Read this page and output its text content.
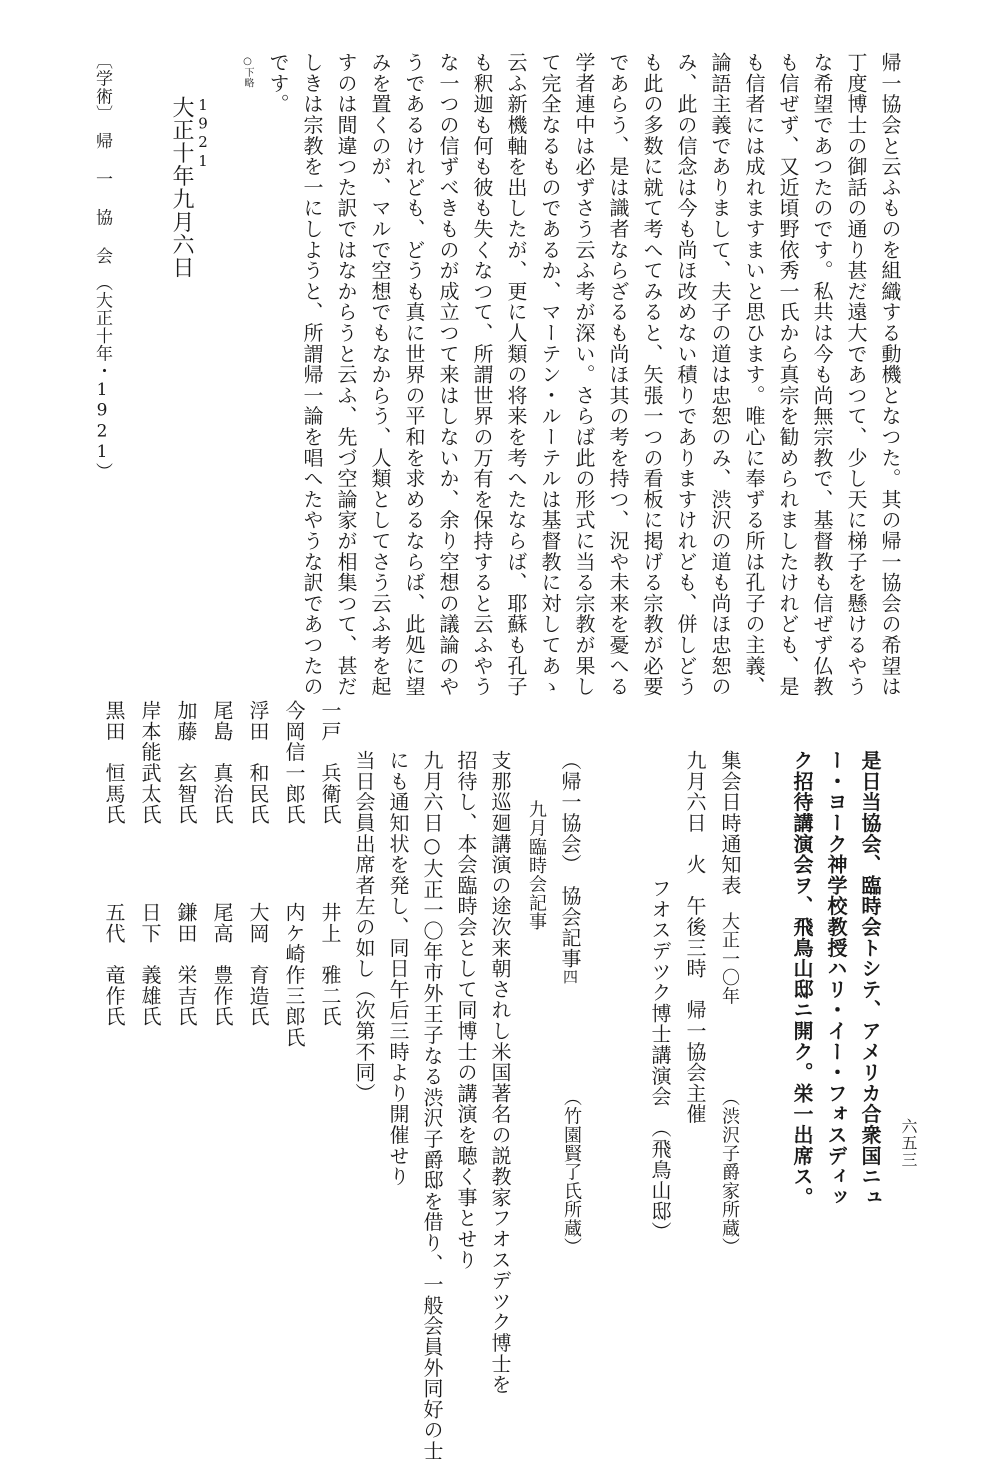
帰一協会と云ふものを組織する動機となつた。其の帰一協会の希望は
丁度博士の御話の通り甚だ遠大であつて、少し天に梯子を懸けるやう
な希望であつたのです。私共は今も尚無宗教で、基督教も信ぜず仏教
も信ぜず、又近頃野依秀一氏から真宗を勧められましたけれども、是
も信者には成れますまいと思ひます。唯心に奉ずる所は孔子の主義、
論語主義でありまして、夫子の道は忠恕のみ、渋沢の道も尚ほ忠恕の
み、此の信念は今も尚ほ改めない積りでありますけれども、併しどう
も此の多数に就て考へてみると、矢張一つの看板に掲げる宗教が必要
であらう、是は識者ならざるも尚ほ其の考を持つ、況や未来を憂へる
学者連中は必ずさう云ふ考が深い。さらば此の形式に当る宗教が果し
て完全なるものであるか、マーテン・ルーテルは基督教に対してあゝ
云ふ新機軸を出したが、更に人類の将来を考へたならば、耶蘇も孔子
も釈迦も何も彼も失くなつて、所謂世界の万有を保持すると云ふやう
な一つの信ずべきものが成立つて来はしないか、余り空想の議論のや
うであるけれども、どうも真に世界の平和を求めるならば、此処に望
みを置くのが、マルで空想でもなからう、人類としてさう云ふ考を起
すのは間違つた訳ではなからうと云ふ、先づ空論家が相集つて、甚だ
しきは宗教を一にしようと、所謂帰一論を唱へたやうな訳であつたの
です。
○下略
1921
大正十年九月六日
〔学術〕　帰 一 協 会　（大正十年・1921）
六五三
是日当協会、臨時会トシテ、アメリカ合衆国ニュ
ー・ヨーク神学校教授ハリ・イー・フォスディッ
ク招待講演会ヲ、飛鳥山邸ニ開ク。栄一出席ス。
集会日時通知表
大正一〇年
（渋沢子爵家所蔵）
九月六日　火　午後三時　帰一協会主催
フオスデツク博士講演会　（飛鳥山邸）
（帰一協会）　協会記事四
（竹園賢了氏所蔵）
九月臨時会記事
支那巡廻講演の途次来朝されし米国著名の説教家フオスデツク博士を
招待し、本会臨時会として同博士の講演を聴く事とせり
九月六日○大正一〇年市外王子なる渋沢子爵邸を借り、一般会員外同好の士
にも通知状を発し、同日午后三時より開催せり
当日会員出席者左の如し（次第不同）
一戸　兵衛氏
井上　雅二氏
今岡信一郎氏
内ケ崎作三郎氏
浮田　和民氏
大岡　育造氏
尾島　真治氏
尾高　豊作氏
加藤　玄智氏
鎌田　栄吉氏
岸本能武太氏
日下　義雄氏
黒田　恒馬氏
五代　竜作氏
